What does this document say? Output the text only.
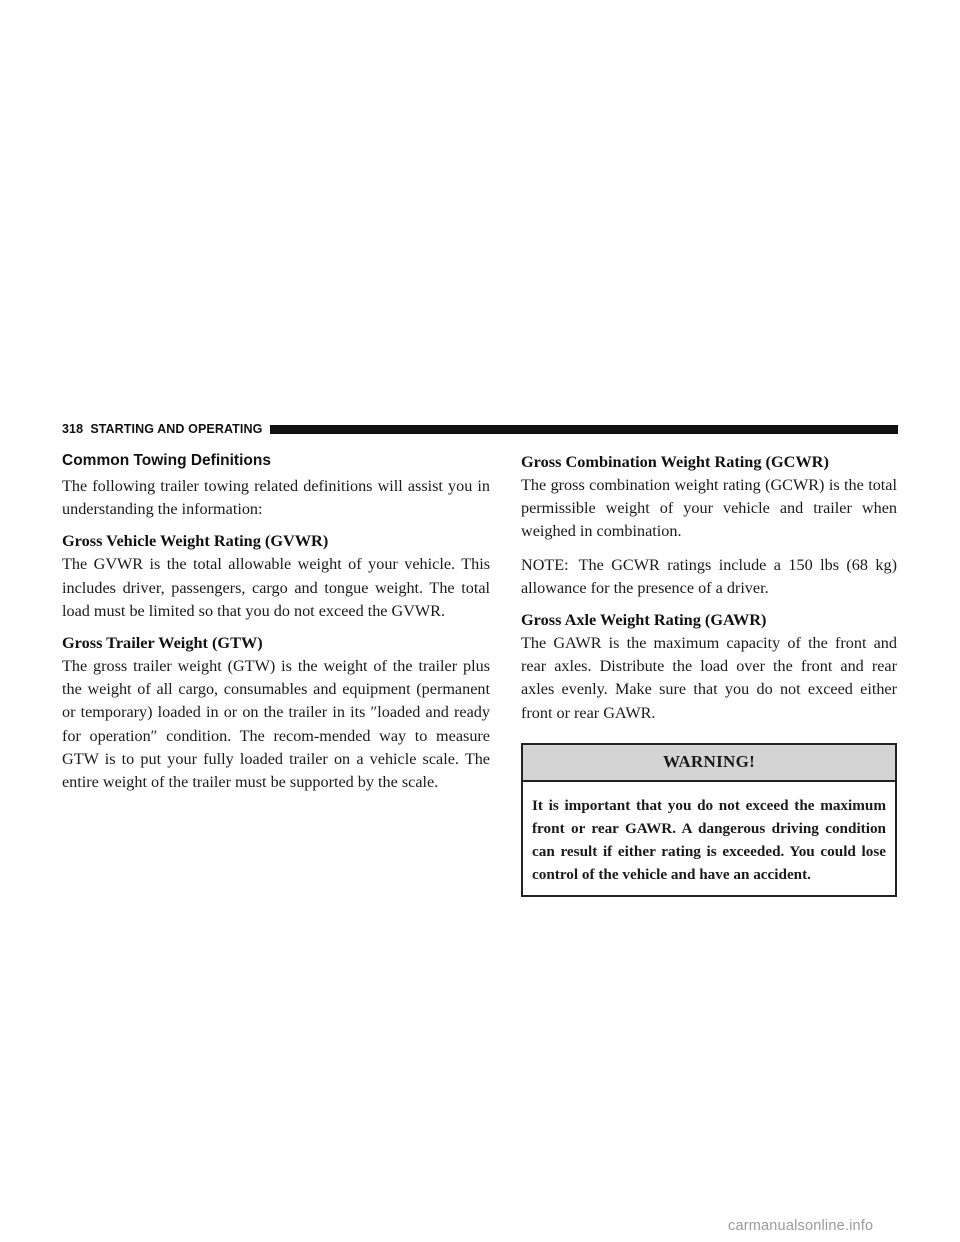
318 STARTING AND OPERATING
Common Towing Definitions

The following trailer towing related definitions will assist you in understanding the information:

Gross Vehicle Weight Rating (GVWR)

The GVWR is the total allowable weight of your vehicle. This includes driver, passengers, cargo and tongue weight. The total load must be limited so that you do not exceed the GVWR.

Gross Trailer Weight (GTW)

The gross trailer weight (GTW) is the weight of the trailer plus the weight of all cargo, consumables and equipment (permanent or temporary) loaded in or on the trailer in its ″loaded and ready for operation″ condition. The recom-mended way to measure GTW is to put your fully loaded trailer on a vehicle scale. The entire weight of the trailer must be supported by the scale.

Gross Combination Weight Rating (GCWR)

The gross combination weight rating (GCWR) is the total permissible weight of your vehicle and trailer when weighed in combination.

NOTE: The GCWR ratings include a 150 lbs (68 kg) allowance for the presence of a driver.

Gross Axle Weight Rating (GAWR)

The GAWR is the maximum capacity of the front and rear axles. Distribute the load over the front and rear axles evenly. Make sure that you do not exceed either front or rear GAWR.

WARNING!
It is important that you do not exceed the maximum front or rear GAWR. A dangerous driving condition can result if either rating is exceeded. You could lose control of the vehicle and have an accident.
carmanualsonline.info
